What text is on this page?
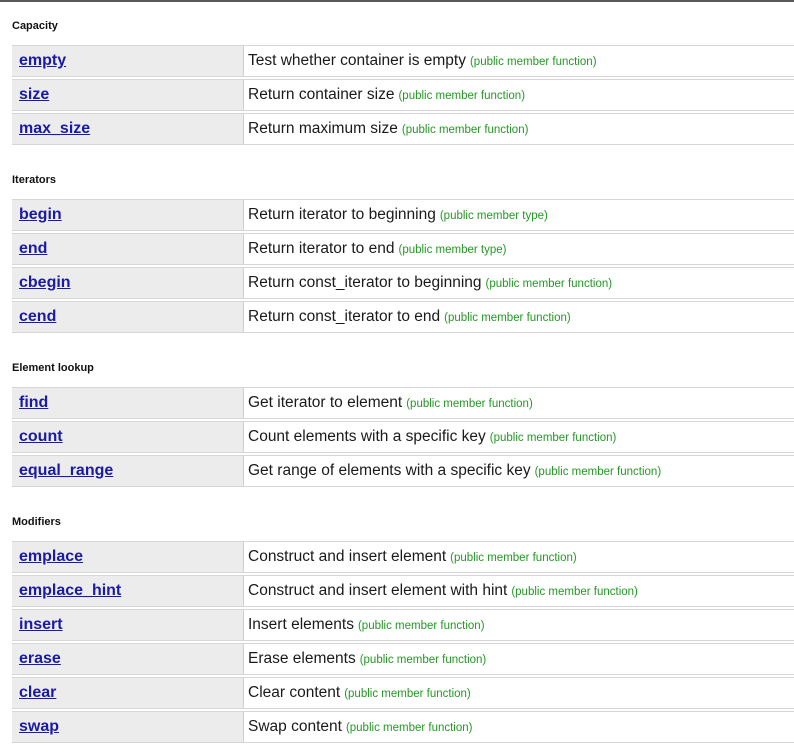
Capacity
empty	Test whether container is empty (public member function)
size	Return container size (public member function)
max_size	Return maximum size (public member function)
Iterators
begin	Return iterator to beginning (public member type)
end	Return iterator to end (public member type)
cbegin	Return const_iterator to beginning (public member function)
cend	Return const_iterator to end (public member function)
Element lookup
find	Get iterator to element (public member function)
count	Count elements with a specific key (public member function)
equal_range	Get range of elements with a specific key (public member function)
Modifiers
emplace	Construct and insert element (public member function)
emplace_hint	Construct and insert element with hint (public member function)
insert	Insert elements (public member function)
erase	Erase elements (public member function)
clear	Clear content (public member function)
swap	Swap content (public member function)
